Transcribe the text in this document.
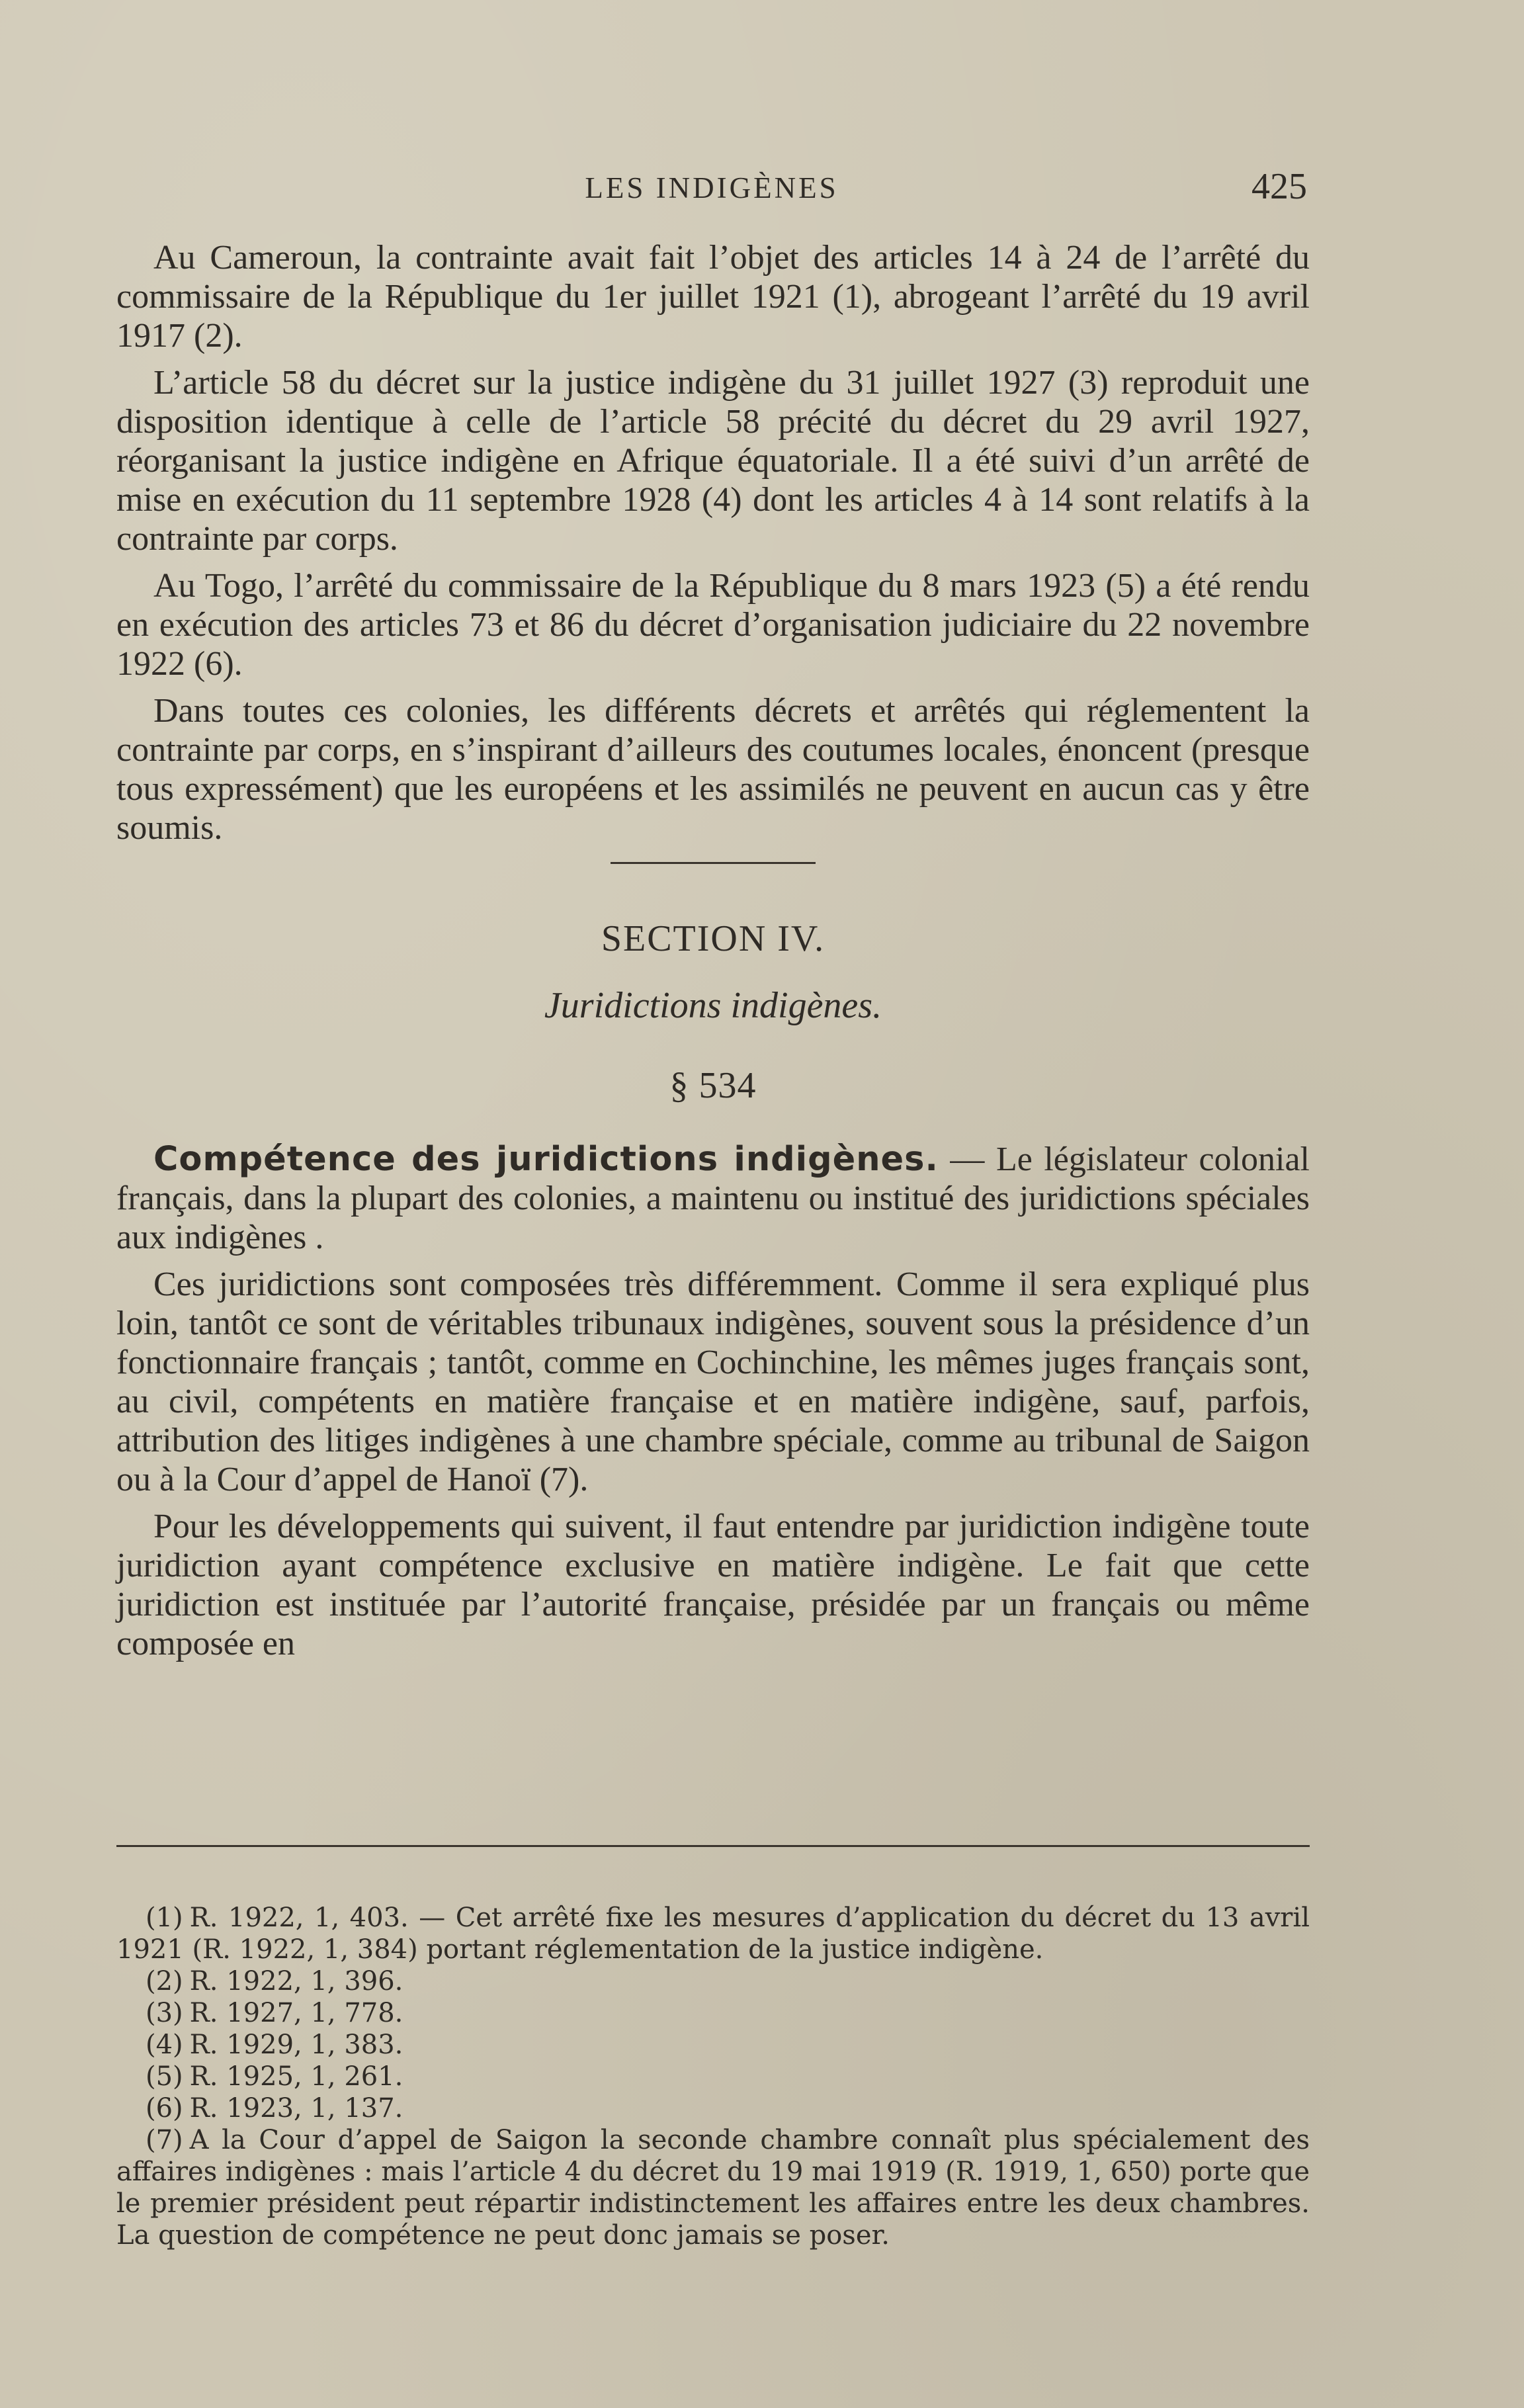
LES INDIGÈNES	425

Au Cameroun, la contrainte avait fait l’objet des articles 14 à 24 de l’arrêté du commissaire de la République du 1er juillet 1921 (1), abrogeant l’arrêté du 19 avril 1917 (2).

L’article 58 du décret sur la justice indigène du 31 juillet 1927 (3) reproduit une disposition identique à celle de l’article 58 précité du décret du 29 avril 1927, réorganisant la justice indigène en Afrique équatoriale. Il a été suivi d’un arrêté de mise en exécution du 11 septembre 1928 (4) dont les articles 4 à 14 sont relatifs à la contrainte par corps.

Au Togo, l’arrêté du commissaire de la République du 8 mars 1923 (5) a été rendu en exécution des articles 73 et 86 du décret d’organisation judiciaire du 22 novembre 1922 (6).

Dans toutes ces colonies, les différents décrets et arrêtés qui réglementent la contrainte par corps, en s’inspirant d’ailleurs des coutumes locales, énoncent (presque tous expressément) que les européens et les assimilés ne peuvent en aucun cas y être soumis.

SECTION IV.
Juridictions indigènes.
§ 534

Compétence des juridictions indigènes. — Le législateur colonial français, dans la plupart des colonies, a maintenu ou institué des juridictions spéciales aux indigènes .

Ces juridictions sont composées très différemment. Comme il sera expliqué plus loin, tantôt ce sont de véritables tribunaux indigènes, souvent sous la présidence d’un fonctionnaire français ; tantôt, comme en Cochinchine, les mêmes juges français sont, au civil, compétents en matière française et en matière indigène, sauf, parfois, attribution des litiges indigènes à une chambre spéciale, comme au tribunal de Saigon ou à la Cour d’appel de Hanoï (7).

Pour les développements qui suivent, il faut entendre par juridiction indigène toute juridiction ayant compétence exclusive en matière indigène. Le fait que cette juridiction est instituée par l’autorité française, présidée par un français ou même composée en

(1) R. 1922, 1, 403. — Cet arrêté fixe les mesures d’application du décret du 13 avril 1921 (R. 1922, 1, 384) portant réglementation de la justice indigène.

(2) R. 1922, 1, 396.

(3) R. 1927, 1, 778.

(4) R. 1929, 1, 383.

(5) R. 1925, 1, 261.

(6) R. 1923, 1, 137.

(7) A la Cour d’appel de Saigon la seconde chambre connaît plus spécialement des affaires indigènes : mais l’article 4 du décret du 19 mai 1919 (R. 1919, 1, 650) porte que le premier président peut répartir indistinctement les affaires entre les deux chambres. La question de compétence ne peut donc jamais se poser.
